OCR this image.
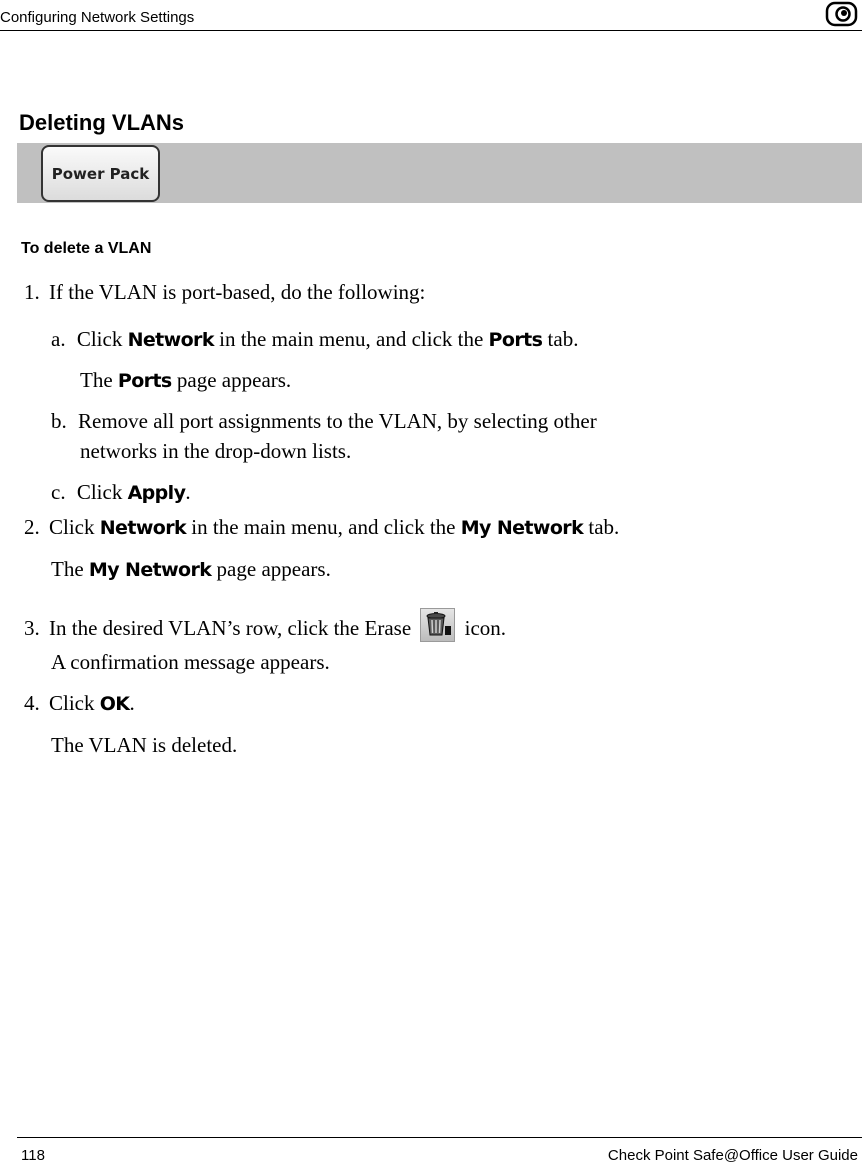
Configuring Network Settings
Deleting VLANs
Power Pack
To delete a VLAN
1. If the VLAN is port-based, do the following:
a. Click Network in the main menu, and click the Ports tab.
The Ports page appears.
b. Remove all port assignments to the VLAN, by selecting other
networks in the drop-down lists.
c. Click Apply.
2. Click Network in the main menu, and click the My Network tab.
The My Network page appears.
3. In the desired VLAN’s row, click the Erase	icon.
A confirmation message appears.
4. Click OK.
The VLAN is deleted.
118	Check Point Safe@Office User Guide
